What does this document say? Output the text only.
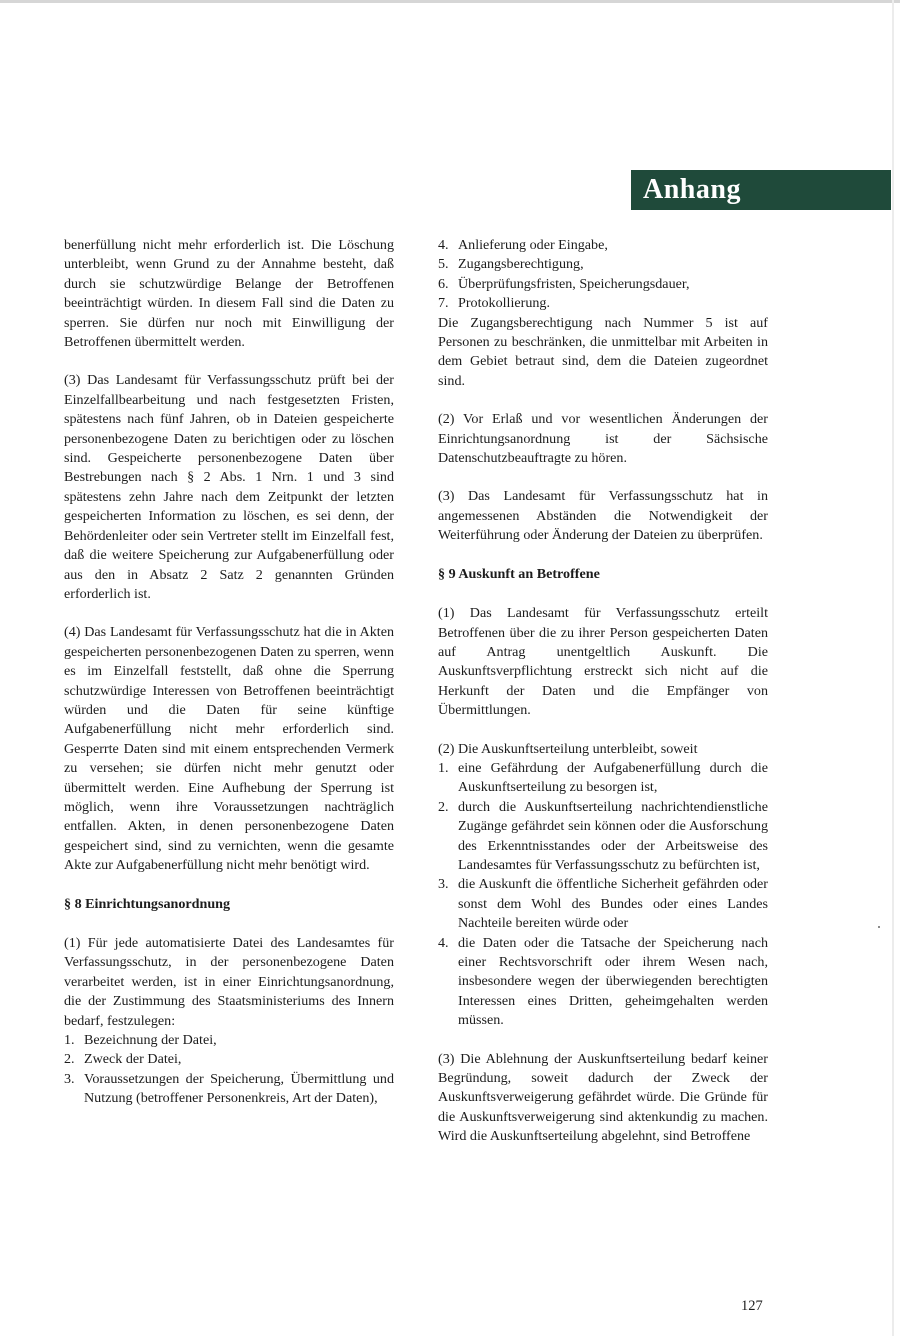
Anhang

benerfüllung nicht mehr erforderlich ist. Die Löschung unterbleibt, wenn Grund zu der Annahme besteht, daß durch sie schutzwürdige Belange der Betroffenen beeinträchtigt würden. In diesem Fall sind die Daten zu sperren. Sie dürfen nur noch mit Einwilligung der Betroffenen übermittelt werden.

(3) Das Landesamt für Verfassungsschutz prüft bei der Einzelfallbearbeitung und nach festgesetzten Fristen, spätestens nach fünf Jahren, ob in Dateien gespeicherte personenbezogene Daten zu berichtigen oder zu löschen sind. Gespeicherte personenbezogene Daten über Bestrebungen nach § 2 Abs. 1 Nrn. 1 und 3 sind spätestens zehn Jahre nach dem Zeitpunkt der letzten gespeicherten Information zu löschen, es sei denn, der Behördenleiter oder sein Vertreter stellt im Einzelfall fest, daß die weitere Speicherung zur Aufgabenerfüllung oder aus den in Absatz 2 Satz 2 genannten Gründen erforderlich ist.

(4) Das Landesamt für Verfassungsschutz hat die in Akten gespeicherten personenbezogenen Daten zu sperren, wenn es im Einzelfall feststellt, daß ohne die Sperrung schutzwürdige Interessen von Betroffenen beeinträchtigt würden und die Daten für seine künftige Aufgabenerfüllung nicht mehr erforderlich sind. Gesperrte Daten sind mit einem entsprechenden Vermerk zu versehen; sie dürfen nicht mehr genutzt oder übermittelt werden. Eine Aufhebung der Sperrung ist möglich, wenn ihre Voraussetzungen nachträglich entfallen. Akten, in denen personenbezogene Daten gespeichert sind, sind zu vernichten, wenn die gesamte Akte zur Aufgabenerfüllung nicht mehr benötigt wird.

§ 8 Einrichtungsanordnung

(1) Für jede automatisierte Datei des Landesamtes für Verfassungsschutz, in der personenbezogene Daten verarbeitet werden, ist in einer Einrichtungsanordnung, die der Zustimmung des Staatsministeriums des Innern bedarf, festzulegen:

1. Bezeichnung der Datei,
2. Zweck der Datei,
3. Voraussetzungen der Speicherung, Übermittlung und Nutzung (betroffener Personenkreis, Art der Daten),
4. Anlieferung oder Eingabe,
5. Zugangsberechtigung,
6. Überprüfungsfristen, Speicherungsdauer,
7. Protokollierung.

Die Zugangsberechtigung nach Nummer 5 ist auf Personen zu beschränken, die unmittelbar mit Arbeiten in dem Gebiet betraut sind, dem die Dateien zugeordnet sind.

(2) Vor Erlaß und vor wesentlichen Änderungen der Einrichtungsanordnung ist der Sächsische Datenschutzbeauftragte zu hören.

(3) Das Landesamt für Verfassungsschutz hat in angemessenen Abständen die Notwendigkeit der Weiterführung oder Änderung der Dateien zu überprüfen.

§ 9 Auskunft an Betroffene

(1) Das Landesamt für Verfassungsschutz erteilt Betroffenen über die zu ihrer Person gespeicherten Daten auf Antrag unentgeltlich Auskunft. Die Auskunftsverpflichtung erstreckt sich nicht auf die Herkunft der Daten und die Empfänger von Übermittlungen.

(2) Die Auskunftserteilung unterbleibt, soweit

1. eine Gefährdung der Aufgabenerfüllung durch die Auskunftserteilung zu besorgen ist,
2. durch die Auskunftserteilung nachrichtendienstliche Zugänge gefährdet sein können oder die Ausforschung des Erkenntnisstandes oder der Arbeitsweise des Landesamtes für Verfassungsschutz zu befürchten ist,
3. die Auskunft die öffentliche Sicherheit gefährden oder sonst dem Wohl des Bundes oder eines Landes Nachteile bereiten würde oder
4. die Daten oder die Tatsache der Speicherung nach einer Rechtsvorschrift oder ihrem Wesen nach, insbesondere wegen der überwiegenden berechtigten Interessen eines Dritten, geheimgehalten werden müssen.

(3) Die Ablehnung der Auskunftserteilung bedarf keiner Begründung, soweit dadurch der Zweck der Auskunftsverweigerung gefährdet würde. Die Gründe für die Auskunftsverweigerung sind aktenkundig zu machen. Wird die Auskunftserteilung abgelehnt, sind Betroffene

127
